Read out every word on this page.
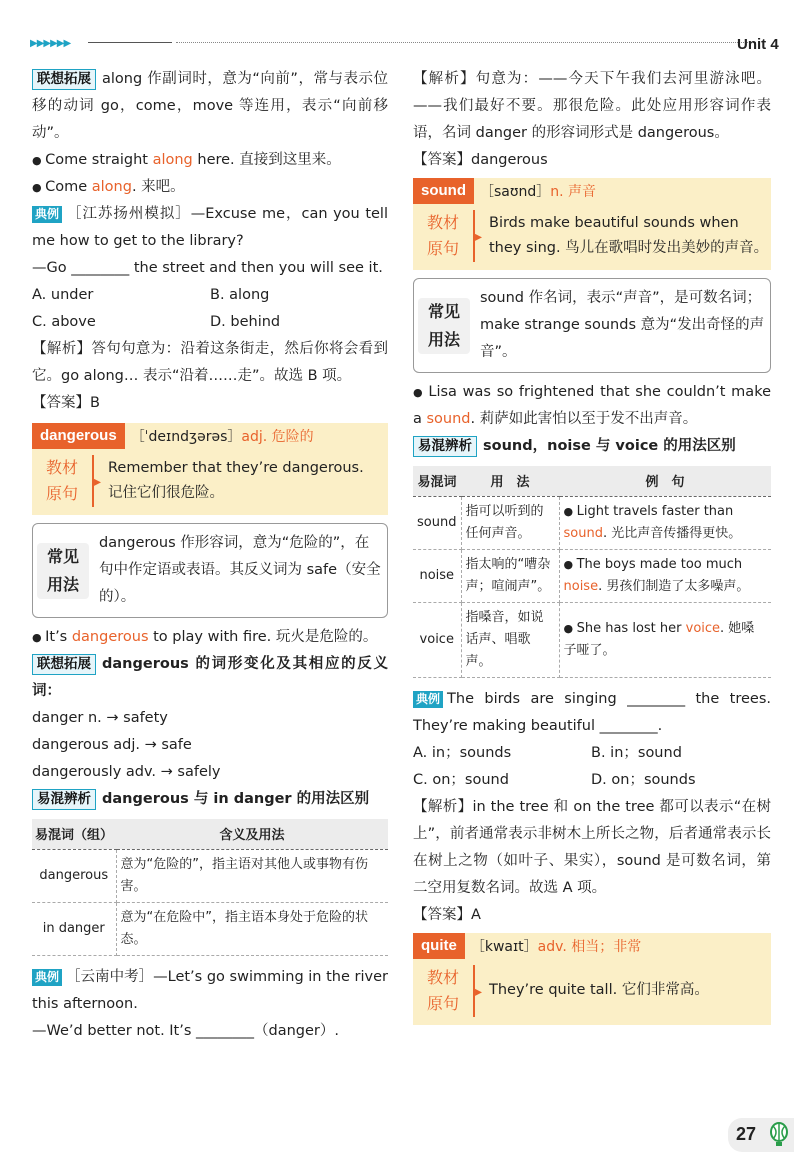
▶▶▶▶▶▶	Unit 4
联想拓展 along 作副词时，意为“向前”，常与表示位移的动词 go，come，move 等连用，表示“向前移动”。
● Come straight along here. 直接到这里来。
● Come along. 来吧。
典例 ［江苏扬州模拟］—Excuse me，can you tell me how to get to the library?
—Go ________ the street and then you will see it.
A. under	B. along
C. above	D. behind
【解析】答句句意为：沿着这条街走，然后你将会看到它。go along… 表示“沿着……走”。故选 B 项。
【答案】B
dangerous	［ˈdeɪndʒərəs］adj. 危险的
教材
原句
▸
Remember that they’re dangerous.
记住它们很危险。
常见
用法
dangerous 作形容词，意为“危险的”，在句中作定语或表语。其反义词为 safe（安全的）。
● It’s dangerous to play with fire. 玩火是危险的。
联想拓展 dangerous 的词形变化及其相应的反义词：
danger n. → safety
dangerous adj. → safe
dangerously adv. → safely
易混辨析 dangerous 与 in danger 的用法区别
易混词（组）	含义及用法
dangerous	意为“危险的”，指主语对其他人或事物有伤害。
in danger	意为“在危险中”，指主语本身处于危险的状态。
典例 ［云南中考］—Let’s go swimming in the river this afternoon.
—We’d better not. It’s ________（danger）.
【解析】句意为：——今天下午我们去河里游泳吧。——我们最好不要。那很危险。此处应用形容词作表语，名词 danger 的形容词形式是 dangerous。
【答案】dangerous
sound	［saʊnd］n. 声音
教材
原句
▸
Birds make beautiful sounds when they sing. 鸟儿在歌唱时发出美妙的声音。
常见
用法
sound 作名词，表示“声音”，是可数名词；make strange sounds 意为“发出奇怪的声音”。
● Lisa was so frightened that she couldn’t make a sound. 莉萨如此害怕以至于发不出声音。
易混辨析 sound，noise 与 voice 的用法区别
易混词	用　法	例　句
sound	指可以听到的任何声音。	● Light travels faster than sound. 光比声音传播得更快。
noise	指太响的“嘈杂声；喧闹声”。	● The boys made too much noise. 男孩们制造了太多噪声。
voice	指嗓音，如说话声、唱歌声。	● She has lost her voice. 她嗓子哑了。
典例 The birds are singing ________ the trees. They’re making beautiful ________.
A. in；sounds	B. in；sound
C. on；sound	D. on；sounds
【解析】in the tree 和 on the tree 都可以表示“在树上”，前者通常表示非树木上所长之物，后者通常表示长在树上之物（如叶子、果实），sound 是可数名词，第二空用复数名词。故选 A 项。
【答案】A
quite	［kwaɪt］adv. 相当；非常
教材
原句
▸
They’re quite tall. 它们非常高。
27
